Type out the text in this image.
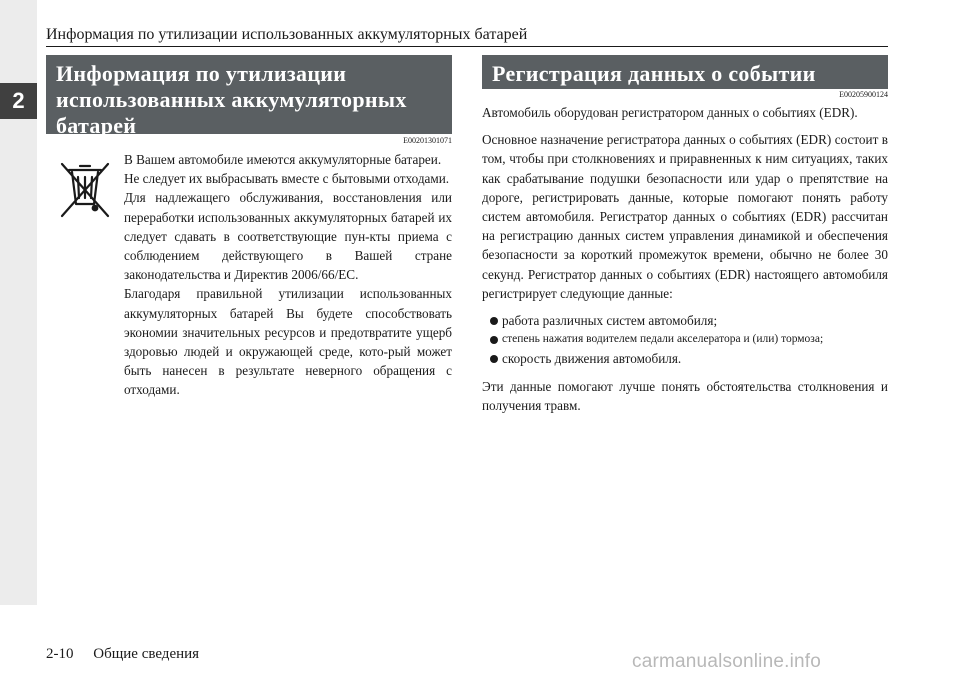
2
Информация по утилизации использованных аккумуляторных батарей
Информация по утилизации
использованных аккумуляторных
батарей
E00201301071

В Вашем автомобиле имеются аккумуляторные батареи.

Не следует их выбрасывать вместе с бытовыми отходами.

Для надлежащего обслуживания, восстановления или переработки использованных аккумуляторных батарей их следует сдавать в соответствующие пун-кты приема с соблюдением действующего в Вашей стране законодательства и Директив 2006/66/EC.

Благодаря правильной утилизации использованных аккумуляторных батарей Вы будете способствовать экономии значительных ресурсов и предотвратите ущерб здоровью людей и окружающей среде, кото-рый может быть нанесен в результате неверного обращения с отходами.

Регистрация данных о событии
E00205900124

Автомобиль оборудован регистратором данных о событиях (EDR).

Основное назначение регистратора данных о событиях (EDR) состоит в том, чтобы при столкновениях и приравненных к ним ситуациях, таких как срабатывание подушки безопасности или удар о препятствие на дороге, регистрировать данные, которые помогают понять работу систем автомобиля. Регистратор данных о событиях (EDR) рассчитан на регистрацию данных систем управления динамикой и обеспечения безопасности за короткий промежуток времени, обычно не более 30 секунд. Регистратор данных о событиях (EDR) настоящего автомобиля регистрирует следующие данные:

работа различных систем автомобиля;
степень нажатия водителем педали акселератора и (или) тормоза;
скорость движения автомобиля.

Эти данные помогают лучше понять обстоятельства столкновения и получения травм.

2-10 Общие сведения	carmanualsonline.info
